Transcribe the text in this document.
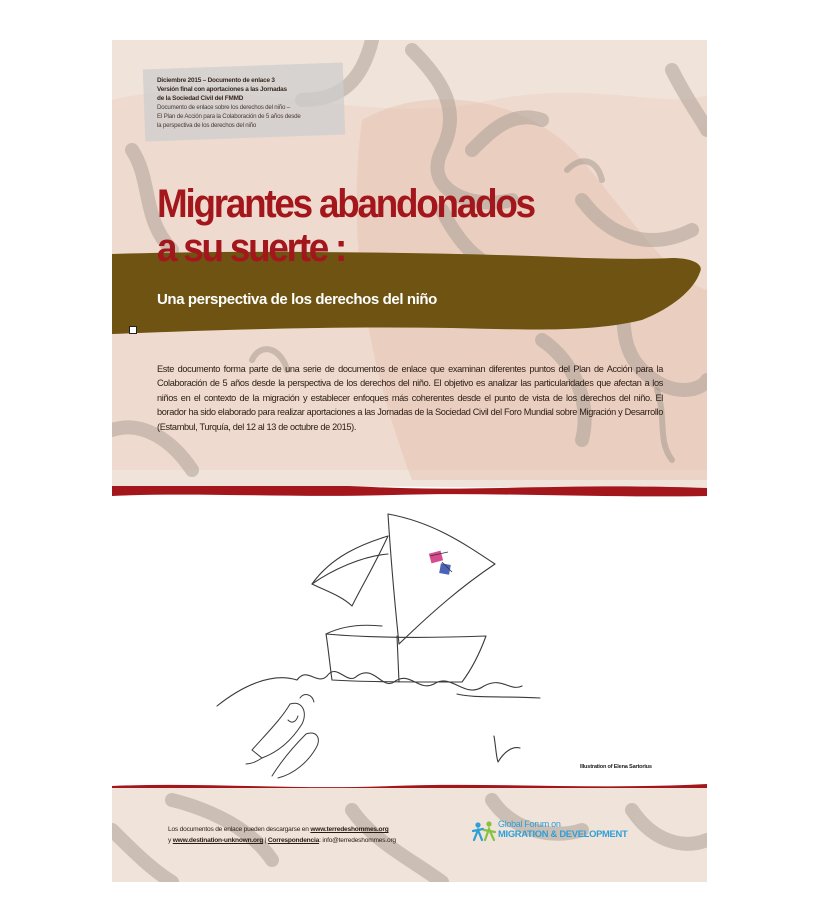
Diciembre 2015 – Documento de enlace 3
Versión final con aportaciones a las Jornadas
de la Sociedad Civil del FMMD
Documento de enlace sobre los derechos del niño –
El Plan de Acción para la Colaboración de 5 años desde
la perspectiva de los derechos del niño
Migrantes abandonados
a su suerte :
Una perspectiva de los derechos del niño

Este documento forma parte de una serie de documentos de enlace que examinan diferentes puntos del Plan de Acción para la Colaboración de 5 años desde la perspectiva de los derechos del niño. El objetivo es analizar las particularidades que afectan a los niños en el contexto de la migración y establecer enfoques más coherentes desde el punto de vista de los derechos del niño. El borador ha sido elaborado para realizar aportaciones a las Jornadas de la Sociedad Civil del Foro Mundial sobre Migración y Desarrollo (Estambul, Turquía, del 12 al 13 de octubre de 2015).

Illustration of Elena Sartorius
Los documentos de enlace pueden descargarse en www.terredeshommes.org
y www.destination-unknown.org | Correspondencia: info@terredeshommes.org
Global Forum on
MIGRATION & DEVELOPMENT
